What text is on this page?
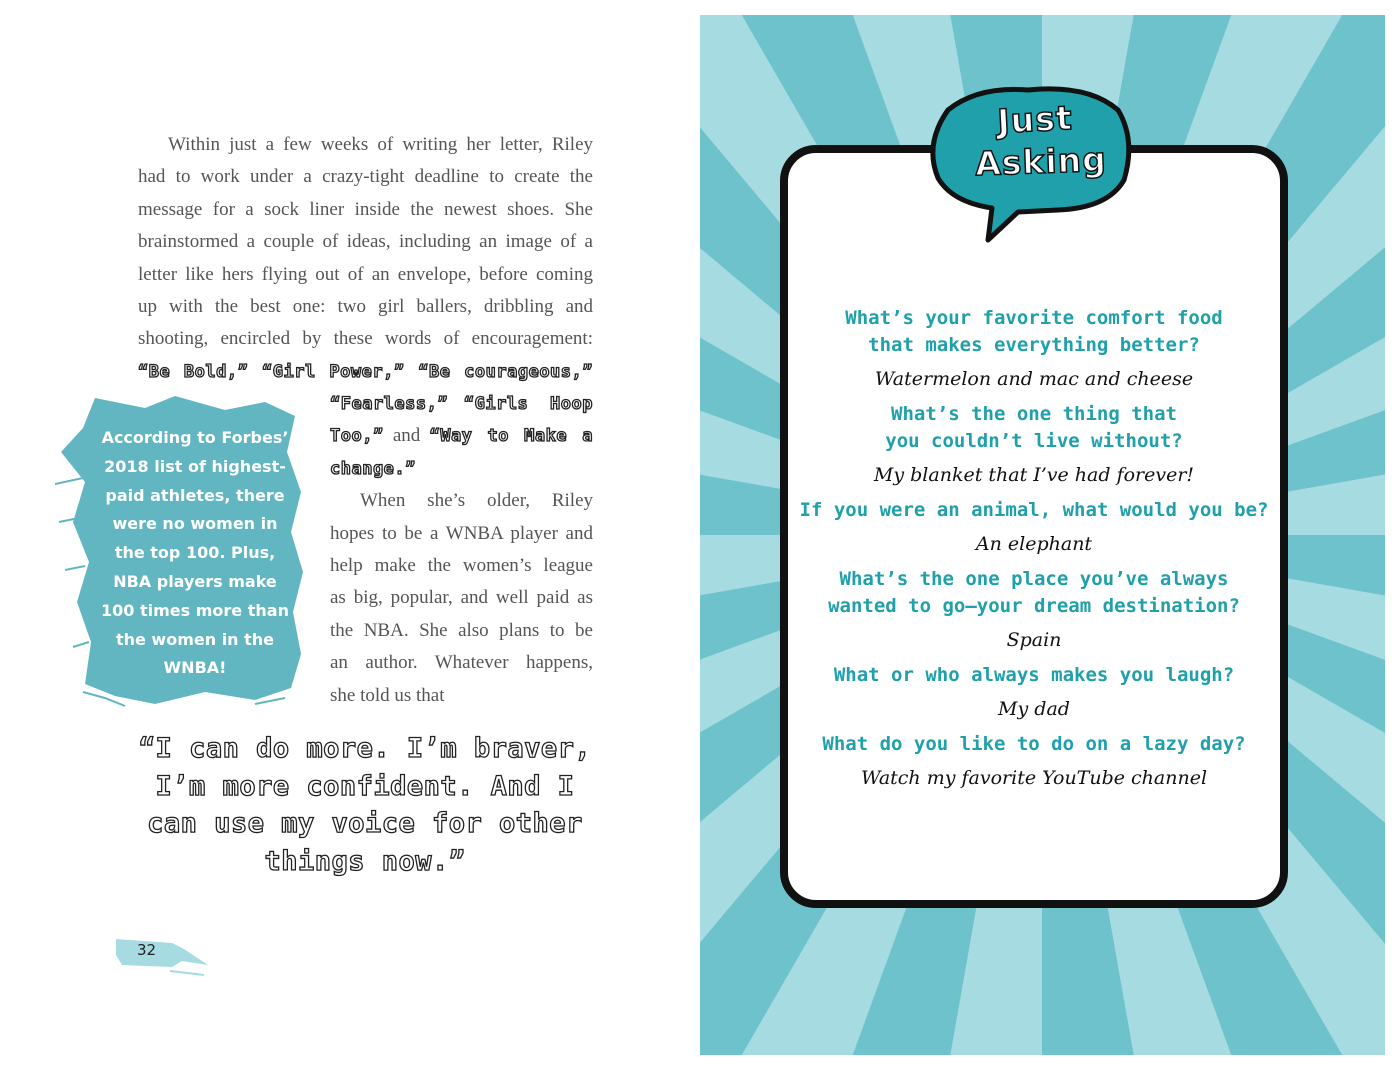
Within just a few weeks of writing her letter, Riley
had to work under a crazy-tight deadline to create the
message for a sock liner inside the newest shoes. She
brainstormed a couple of ideas, including an image of a
letter like hers flying out of an envelope, before coming
up with the best one: two girl ballers, dribbling and
shooting, encircled by these words of encouragement:
“Be Bold,” “Girl Power,” “Be courageous,”
“Fearless,” “Girls Hoop
Too,” and “Way to Make a
change.”
When she’s older, Riley
hopes to be a WNBA player and
help make the women’s league
as big, popular, and well paid as
the NBA. She also plans to be
an author. Whatever happens,
she told us that
According to Forbes’
2018 list of highest-
paid athletes, there
were no women in
the top 100. Plus,
NBA players make
100 times more than
the women in the
WNBA!
“I can do more. I’m braver,
I’m more confident. And I
can use my voice for other
things now.”
32
Just
Asking
What’s your favorite comfort food
that makes everything better?
Watermelon and mac and cheese
What’s the one thing that
you couldn’t live without?
My blanket that I’ve had forever!
If you were an animal, what would you be?
An elephant
What’s the one place you’ve always
wanted to go—your dream destination?
Spain
What or who always makes you laugh?
My dad
What do you like to do on a lazy day?
Watch my favorite YouTube channel
